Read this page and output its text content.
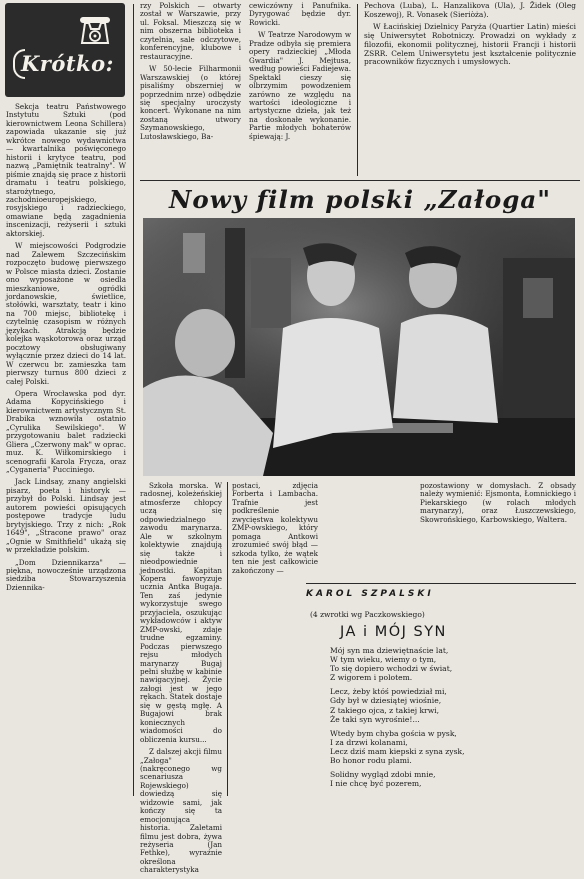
Krótko:

Sekcja teatru Państwowego Instytutu Sztuki (pod kierownictwem Leona Schillera) zapowiada ukazanie się już wkrótce nowego wydawnictwa — kwartalnika poświęconego historii i krytyce teatru, pod nazwą „Pamiętnik teatralny". W piśmie znajdą się prace z historii dramatu i teatru polskiego, starożytnego, zachodnioeuropejskiego, rosyjskiego i radzieckiego, omawiane będą zagadnienia inscenizacji, reżyserii i sztuki aktorskiej.

W miejscowości Podgrodzie nad Zalewem Szczecińskim rozpoczęto budowę pierwszego w Polsce miasta dzieci. Zostanie ono wyposażone w osiedla mieszkaniowe, ogródki jordanowskie, świetlice, stołówki, warsztaty, teatr i kino na 700 miejsc, bibliotekę i czytelnię czasopism w różnych językach. Atrakcją będzie kolejka wąskotorowa oraz urząd pocztowy obsługiwany wyłącznie przez dzieci do 14 lat. W czerwcu br. zamieszka tam pierwszy turnus 800 dzieci z całej Polski.

Opera Wrocławska pod dyr. Adama Kopycińskiego i kierownictwem artystycznym St. Drabika wznowiła ostatnio „Cyrulika Sewilskiego". W przygotowaniu balet radziecki Gliera „Czerwony mak" w oprac. muz. K. Wiłkomirskiego i scenografii Karola Frycza, oraz „Cyganeria" Pucciniego.

Jack Lindsay, znany angielski pisarz, poeta i historyk — przybył do Polski. Lindsay jest autorem powieści opisujących postępowe tradycje ludu brytyjskiego. Trzy z nich: „Rok 1649", „Stracone prawo" oraz „Ognie w Smithfield" ukażą się w przekładzie polskim.

„Dom Dziennikarza" — piękna, nowocześnie urządzona siedziba Stowarzyszenia Dziennika-

rzy Polskich — otwarty został w Warszawie, przy ul. Foksal. Mieszczą się w nim obszerna biblioteka i czytelnia, sale odczytowe, konferencyjne, klubowe i restauracyjne.

W 50-lecie Filharmonii Warszawskiej (o której pisaliśmy obszerniej w poprzednim nrze) odbędzie się specjalny uroczysty koncert. Wykonane na nim zostaną utwory Szymanowskiego, Lutosławskiego, Ba-

cewiczówny i Panufnika. Dyrygować będzie dyr. Rowicki.

W Teatrze Narodowym w Pradze odbyła się premiera opery radzieckiej „Młoda Gwardia" J. Mejtusa, według powieści Fadiejewa. Spektakl cieszy się olbrzymim powodzeniem zarówno ze względu na wartości ideologiczne i artystyczne dzieła, jak też na doskonałe wykonanie. Partie młodych bohaterów śpiewają: J.

Pechova (Luba), L. Hanzalikova (Ula), J. Židek (Oleg Koszewoj), R. Vonasek (Sieriòża).

W Łacińskiej Dzielnicy Paryża (Quartier Latin) mieści się Uniwersytet Robotniczy. Prowadzi on wykłady z filozofii, ekonomii politycznej, historii Francji i historii ZSRR. Celem Uniwersytetu jest kształcenie politycznie pracowników fizycznych i umysłowych.

Nowy film polski „Załoga"

Szkoła morska. W radosnej, koleżeńskiej atmosferze chłopcy uczą się odpowiedzialnego zawodu marynarza. Ale w szkolnym kolektywie znajdują się także i nieodpowiednie jednostki. Kapitan Kopera faworyzuje ucznia Antka Bugaja. Ten zaś jedynie wykorzystuje swego przyjaciela, oszukując wykładowców i aktyw ZMP-owski, zdaje trudne egzaminy. Podczas pierwszego rejsu młodych marynarzy Bugaj pełni służbę w kabinie nawigacyjnej. Życie załogi jest w jego rękach. Statek dostaje się w gęstą mgłę. A Bugajowi brak koniecznych wiadomości do obliczenia kursu...

Z dalszej akcji filmu „Załoga" (nakręconego wg scenariusza Rojewskiego) dowiedzą się widzowie sami, jak kończy się ta emocjonująca historia. Zaletami filmu jest dobra, żywa reżyseria (Jan Fethke), wyraźnie określona charakterystyka

postaci, zdjęcia Forberta i Lambacha. Trafnie jest podkreślenie zwycięstwa kolektywu ZMP-owskiego, który pomaga Antkowi zrozumieć swój błąd — szkoda tylko, że wątek ten nie jest całkowicie zakończony —

pozostawiony w domysłach. Z obsady należy wymienić: Ejsmonta, Łomnickiego i Piekarskiego (w rolach młodych marynarzy), oraz Łuszczewskiego, Skowrońskiego, Karbowskiego, Waltera.

KAROL SZPALSKI
(4 zwrotki wg Paczkowskiego)
JA i MÓJ SYN
Mój syn ma dziewiętnaście lat,
W tym wieku, wiemy o tym,
To się dopiero wchodzi w świat,
Z wigorem i polotem.
Lecz, żeby któś powiedział mi,
Gdy był w dziesiątej wiośnie,
Z takiego ojca, z takiej krwi,
Że taki syn wyrośnie!...
Wtedy bym chyba gościa w pysk,
I za drzwi kolanami,
Lecz dziś mam kiepski z syna zysk,
Bo honor rodu plami.
Solidny wygląd zdobi mnie,
I nie chcę być pozerem,
